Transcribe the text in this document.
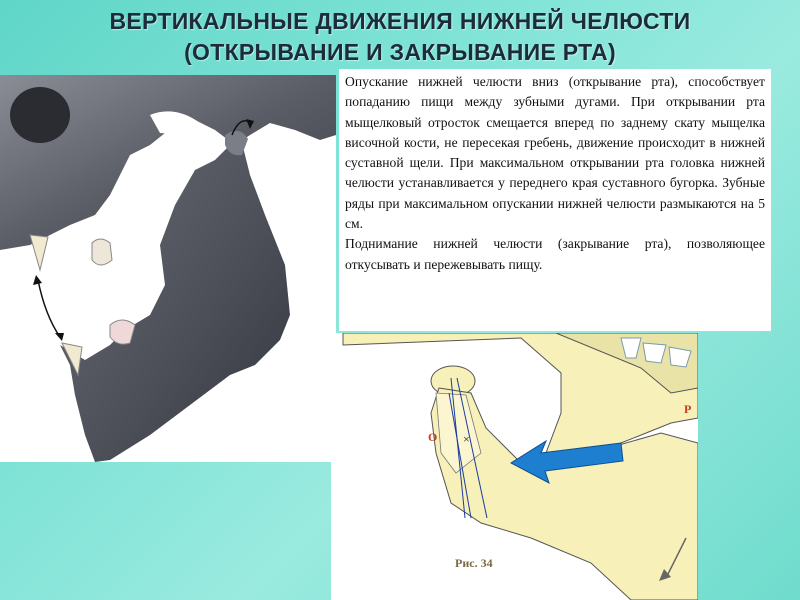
ВЕРТИКАЛЬНЫЕ ДВИЖЕНИЯ НИЖНЕЙ ЧЕЛЮСТИ
(ОТКРЫВАНИЕ И ЗАКРЫВАНИЕ РТА)

Опускание нижней челюсти вниз (открывание рта), способствует попаданию пищи между зубными дугами. При открывании рта мыщелковый отросток смещается вперед по заднему скату мыщелка височной кости, не пересекая гребень, движение происходит в нижней суставной щели. При максимальном открывании рта головка нижней челюсти устанавливается у переднего края суставного бугорка. Зубные ряды при максимальном опускании нижней челюсти размыкаются на 5 см.

Поднимание нижней челюсти (закрывание рта), позволяющее откусывать и пережевывать пищу.

×
О
Р
Рис. 34
